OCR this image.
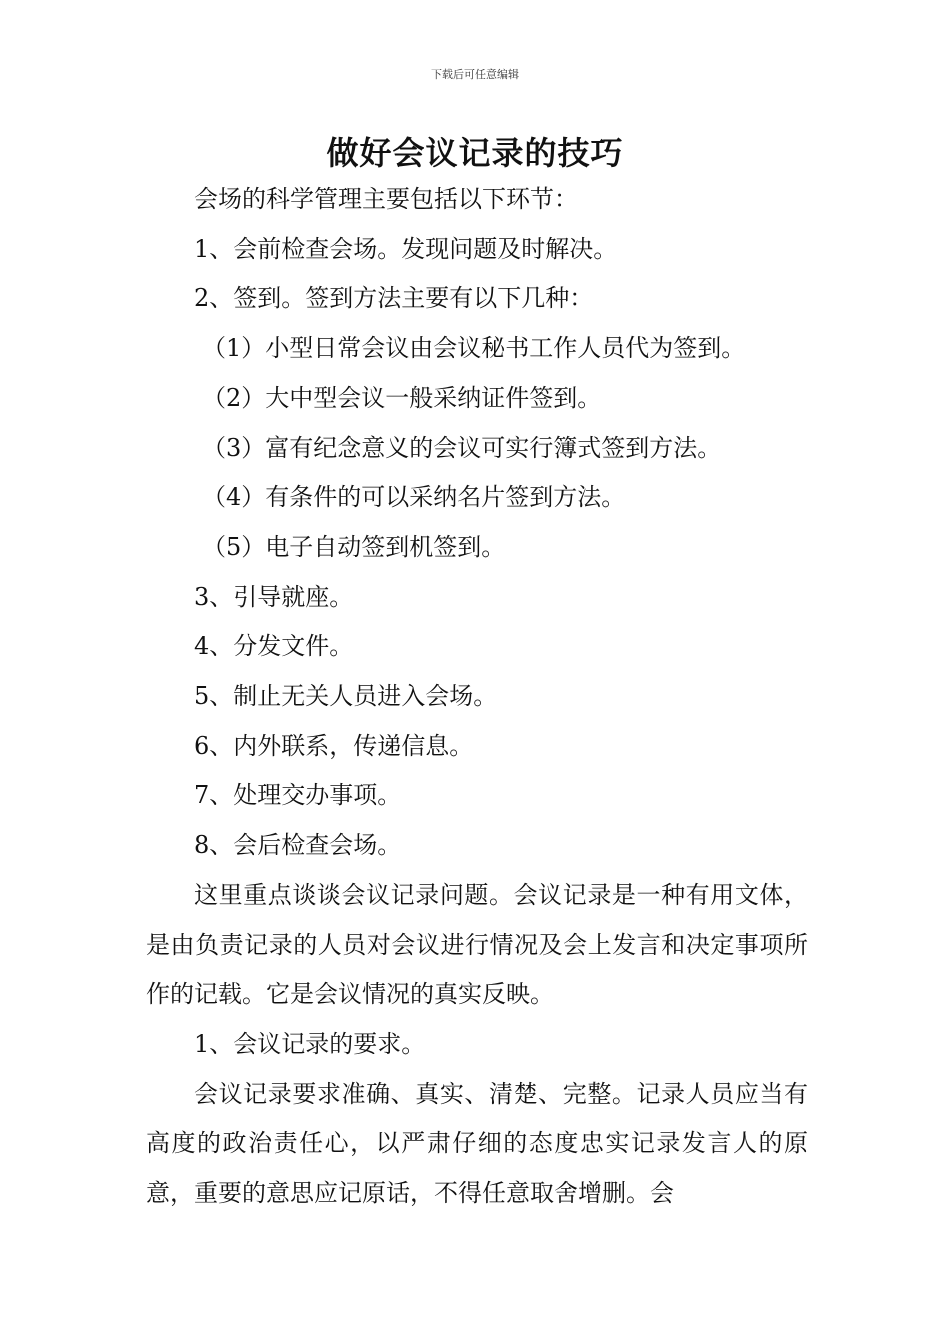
下载后可任意编辑
做好会议记录的技巧

会场的科学管理主要包括以下环节：

1、会前检查会场。发现问题及时解决。

2、签到。签到方法主要有以下几种：

（1）小型日常会议由会议秘书工作人员代为签到。

（2）大中型会议一般采纳证件签到。

（3）富有纪念意义的会议可实行簿式签到方法。

（4）有条件的可以采纳名片签到方法。

（5）电子自动签到机签到。

3、引导就座。

4、分发文件。

5、制止无关人员进入会场。

6、内外联系，传递信息。

7、处理交办事项。

8、会后检查会场。

这里重点谈谈会议记录问题。会议记录是一种有用文体，是由负责记录的人员对会议进行情况及会上发言和决定事项所作的记载。它是会议情况的真实反映。

1、会议记录的要求。

会议记录要求准确、真实、清楚、完整。记录人员应当有高度的政治责任心，以严肃仔细的态度忠实记录发言人的原意，重要的意思应记原话，不得任意取舍增删。会
